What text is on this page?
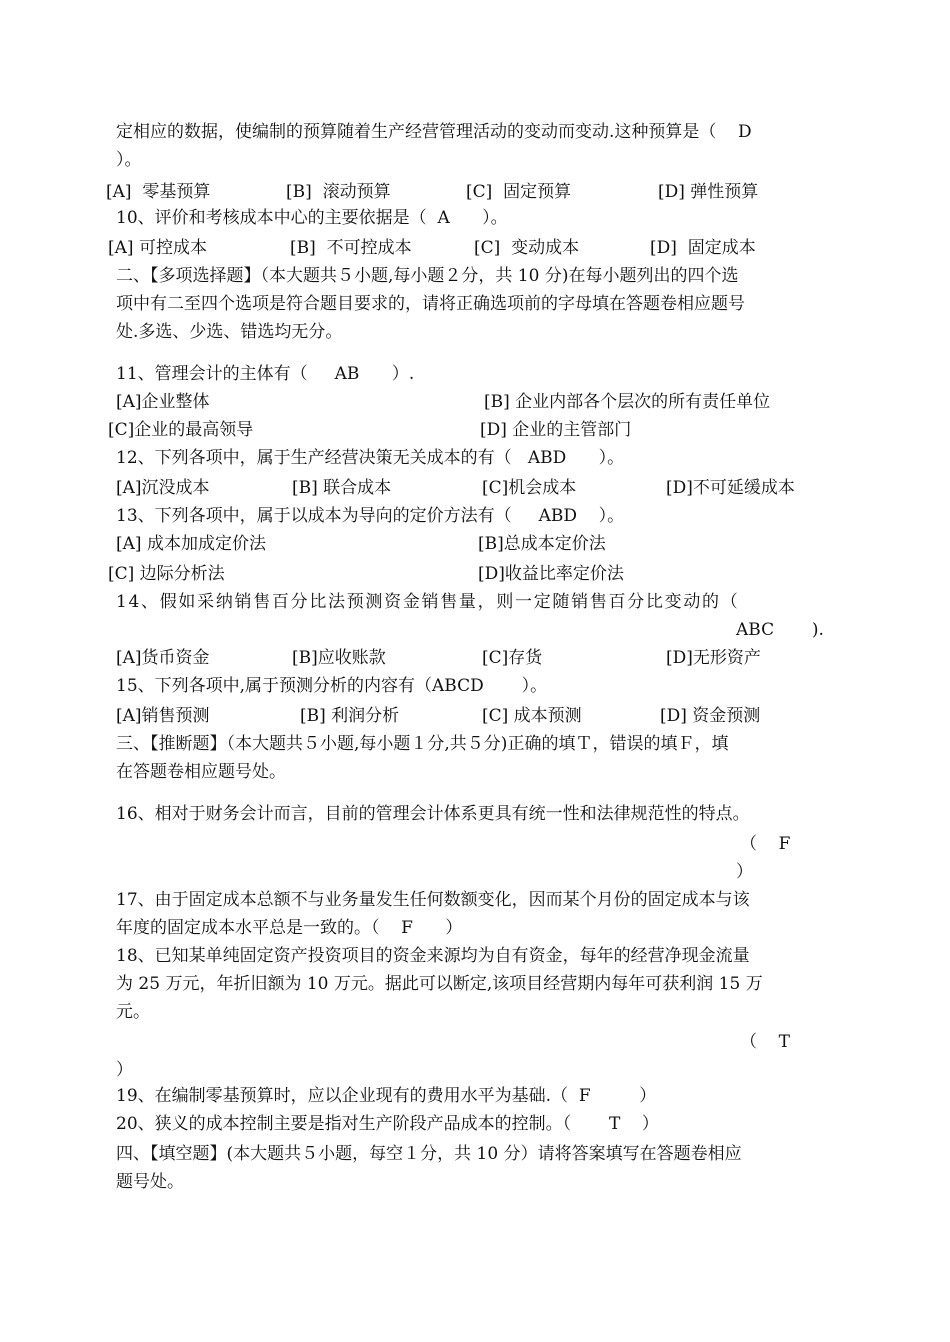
定相应的数据，使编制的预算随着生产经营管理活动的变动而变动.这种预算是（    D
）。
[A]  零基预算	[B]  滚动预算	[C]  固定预算	[D] 弹性预算
10、评价和考核成本中心的主要依据是（  A      ）。
[A] 可控成本	[B]  不可控成本	[C]  变动成本	[D]  固定成本
二、【多项选择题】（本大题共５小题,每小题２分，共 10 分)在每小题列出的四个选
项中有二至四个选项是符合题目要求的，请将正确选项前的字母填在答题卷相应题号
处.多选、少选、错选均无分。
11、管理会计的主体有（     AB      ）.
[A]企业整体	[B] 企业内部各个层次的所有责任单位
[C]企业的最高领导	[D] 企业的主管部门
12、下列各项中，属于生产经营决策无关成本的有（   ABD      ）。
[A]沉没成本	[B] 联合成本	[C]机会成本	[D]不可延缓成本
13、下列各项中，属于以成本为导向的定价方法有（     ABD    ）。
[A] 成本加成定价法	[B]总成本定价法
[C] 边际分析法	[D]收益比率定价法
14、假如采纳销售百分比法预测资金销售量，则一定随销售百分比变动的（
ABC       ).
[A]货币资金	[B]应收账款	[C]存货	[D]无形资产
15、下列各项中,属于预测分析的内容有（ABCD       ）。
[A]销售预测	[B] 利润分析	[C] 成本预测	[D] 资金预测
三、【推断题】（本大题共５小题,每小题１分,共５分)正确的填Ｔ，错误的填Ｆ，填
在答题卷相应题号处。
16、相对于财务会计而言，目前的管理会计体系更具有统一性和法律规范性的特点。
（    F
）
17、由于固定成本总额不与业务量发生任何数额变化，因而某个月份的固定成本与该
年度的固定成本水平总是一致的。（    F      ）
18、已知某单纯固定资产投资项目的资金来源均为自有资金，每年的经营净现金流量
为 25 万元，年折旧额为 10 万元。据此可以断定,该项目经营期内每年可获利润 15 万
元。
（    T
）
19、在编制零基预算时，应以企业现有的费用水平为基础.（  F         ）
20、狭义的成本控制主要是指对生产阶段产品成本的控制。（       T    ）
四、【填空题】(本大题共５小题，每空１分，共 10 分）请将答案填写在答题卷相应
题号处。
